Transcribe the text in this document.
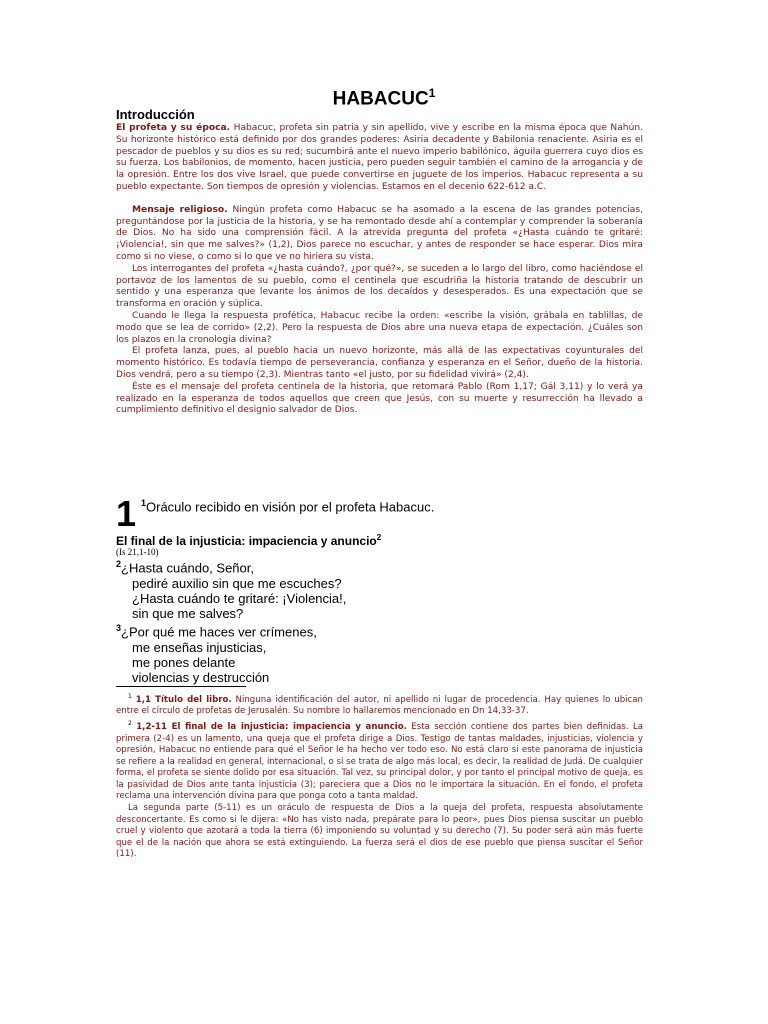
HABACUC$^1$
Introducción

El profeta y su época. Habacuc, profeta sin patria y sin apellido, vive y escribe en la misma época que Nahún. Su horizonte histórico está definido por dos grandes poderes: Asiria decadente y Babilonia renaciente. Asiria es el pescador de pueblos y su dios es su red; sucumbirá ante el nuevo imperio babilónico, águila guerrera cuyo dios es su fuerza. Los babilonios, de momento, hacen justicia, pero pueden seguir también el camino de la arrogancia y de la opresión. Entre los dos vive Israel, que puede convertirse en juguete de los imperios. Habacuc representa a su pueblo expectante. Son tiempos de opresión y violencias. Estamos en el decenio 622-612 a.C.

Mensaje religioso. Ningún profeta como Habacuc se ha asomado a la escena de las grandes potencias, preguntándose por la justicia de la historia, y se ha remontado desde ahí a contemplar y comprender la soberanía de Dios. No ha sido una comprensión fácil. A la atrevida pregunta del profeta «¿Hasta cuándo te gritaré: ¡Violencia!, sin que me salves?» (1,2), Dios parece no escuchar, y antes de responder se hace esperar. Dios mira como si no viese, o como si lo que ve no hiriera su vista.

Los interrogantes del profeta «¿hasta cuándo?, ¿por qué?», se suceden a lo largo del libro, como haciéndose el portavoz de los lamentos de su pueblo, como el centinela que escudriña la historia tratando de descubrir un sentido y una esperanza que levante los ánimos de los decaídos y desesperados. Es una expectación que se transforma en oración y súplica.

Cuando le llega la respuesta profética, Habacuc recibe la orden: «escribe la visión, grábala en tablillas, de modo que se lea de corrido» (2,2). Pero la respuesta de Dios abre una nueva etapa de expectación. ¿Cuáles son los plazos en la cronología divina?

El profeta lanza, pues, al pueblo hacia un nuevo horizonte, más allá de las expectativas coyunturales del momento histórico. Es todavía tiempo de perseverancia, confianza y esperanza en el Señor, dueño de la historia. Dios vendrá, pero a su tiempo (2,3). Mientras tanto «el justo, por su fidelidad vivirá» (2,4).

Éste es el mensaje del profeta centinela de la historia, que retomará Pablo (Rom 1,17; Gál 3,11) y lo verá ya realizado en la esperanza de todos aquellos que creen que Jesús, con su muerte y resurrección ha llevado a cumplimiento definitivo el designio salvador de Dios.

1 $^1$Oráculo recibido en visión por el profeta Habacuc.
El final de la injusticia: impaciencia y anuncio$^2$
(Is 21,1-10)
$^2$¿Hasta cuándo, Señor,
pediré auxilio sin que me escuches?
¿Hasta cuándo te gritaré: ¡Violencia!,
sin que me salves?
$^3$¿Por qué me haces ver crímenes,
me enseñas injusticias,
me pones delante
violencias y destrucción

$^1$ 1,1 Título del libro. Ninguna identificación del autor, ni apellido ni lugar de procedencia. Hay quienes lo ubican entre el círculo de profetas de Jerusalén. Su nombre lo hallaremos mencionado en Dn 14,33-37.

$^2$ 1,2-11 El final de la injusticia: impaciencia y anuncio. Esta sección contiene dos partes bien definidas. La primera (2-4) es un lamento, una queja que el profeta dirige a Dios. Testigo de tantas maldades, injusticias, violencia y opresión, Habacuc no entiende para qué el Señor le ha hecho ver todo eso. No está claro si este panorama de injusticia se refiere a la realidad en general, internacional, o si se trata de algo más local, es decir, la realidad de Judá. De cualquier forma, el profeta se siente dolido por esa situación. Tal vez, su principal dolor, y por tanto el principal motivo de queja, es la pasividad de Dios ante tanta injusticia (3); pareciera que a Dios no le importara la situación. En el fondo, el profeta reclama una intervención divina para que ponga coto a tanta maldad.

La segunda parte (5-11) es un oráculo de respuesta de Dios a la queja del profeta, respuesta absolutamente desconcertante. Es como si le dijera: «No has visto nada, prepárate para lo peor», pues Dios piensa suscitar un pueblo cruel y violento que azotará a toda la tierra (6) imponiendo su voluntad y su derecho (7). Su poder será aún más fuerte que el de la nación que ahora se está extinguiendo. La fuerza será el dios de ese pueblo que piensa suscitar el Señor (11).
